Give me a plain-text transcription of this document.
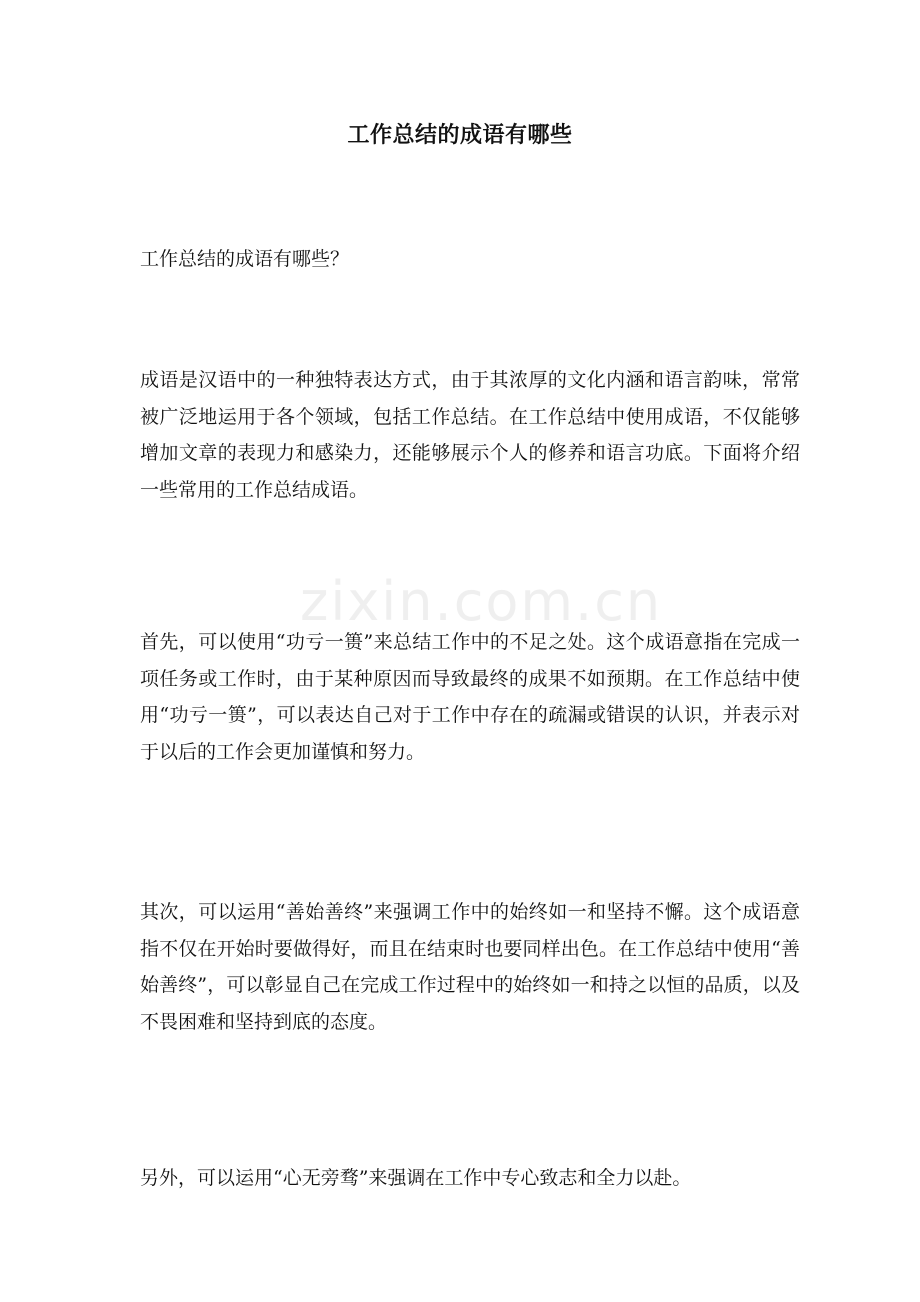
zixin.com.cn
工作总结的成语有哪些
工作总结的成语有哪些？
成语是汉语中的一种独特表达方式，由于其浓厚的文化内涵和语言韵味，常常被广泛地运用于各个领域，包括工作总结。在工作总结中使用成语，不仅能够增加文章的表现力和感染力，还能够展示个人的修养和语言功底。下面将介绍一些常用的工作总结成语。
首先，可以使用“功亏一篑”来总结工作中的不足之处。这个成语意指在完成一项任务或工作时，由于某种原因而导致最终的成果不如预期。在工作总结中使用“功亏一篑”，可以表达自己对于工作中存在的疏漏或错误的认识，并表示对于以后的工作会更加谨慎和努力。
其次，可以运用“善始善终”来强调工作中的始终如一和坚持不懈。这个成语意指不仅在开始时要做得好，而且在结束时也要同样出色。在工作总结中使用“善始善终”，可以彰显自己在完成工作过程中的始终如一和持之以恒的品质，以及不畏困难和坚持到底的态度。
另外，可以运用“心无旁骛”来强调在工作中专心致志和全力以赴。
